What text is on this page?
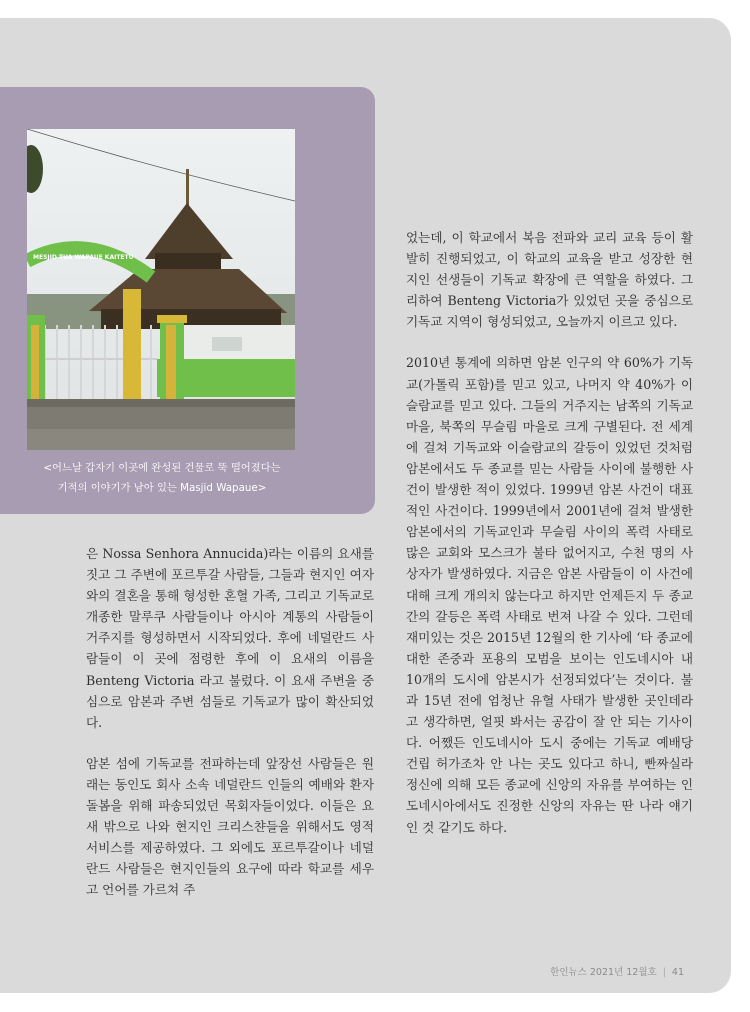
MESJID TUA WAPAUE KAITETU
<어느날 갑자기 이곳에 완성된 건물로 뚝 떨어졌다는
기적의 이야기가 남아 있는 Masjid Wapaue>

은 Nossa Senhora Annucida)라는 이름의 요새를 짓고 그 주변에 포르투갈 사람들, 그들과 현지인 여자와의 결혼을 통해 형성한 혼혈 가족, 그리고 기독교로 개종한 말루쿠 사람들이나 아시아 계통의 사람들이 거주지를 형성하면서 시작되었다. 후에 네덜란드 사람들이 이 곳에 점령한 후에 이 요새의 이름을 Benteng Victoria 라고 불렀다. 이 요새 주변을 중심으로 암본과 주변 섬들로 기독교가 많이 확산되었다.

암본 섬에 기독교를 전파하는데 앞장선 사람들은 원래는 동인도 회사 소속 네덜란드 인들의 예배와 환자 돌봄을 위해 파송되었던 목회자들이었다. 이들은 요새 밖으로 나와 현지인 크리스챤들을 위해서도 영적 서비스를 제공하였다. 그 외에도 포르투갈이나 네덜란드 사람들은 현지인들의 요구에 따라 학교를 세우고 언어를 가르쳐 주

었는데, 이 학교에서 복음 전파와 교리 교육 등이 활발히 진행되었고, 이 학교의 교육을 받고 성장한 현지인 선생들이 기독교 확장에 큰 역할을 하였다. 그리하여 Benteng Victoria가 있었던 곳을 중심으로 기독교 지역이 형성되었고, 오늘까지 이르고 있다.

2010년 통계에 의하면 암본 인구의 약 60%가 기독교(가톨릭 포함)를 믿고 있고, 나머지 약 40%가 이슬람교를 믿고 있다. 그들의 거주지는 남쪽의 기독교 마을, 북쪽의 무슬림 마을로 크게 구별된다. 전 세계에 걸쳐 기독교와 이슬람교의 갈등이 있었던 것처럼 암본에서도 두 종교를 믿는 사람들 사이에 불행한 사건이 발생한 적이 있었다. 1999년 암본 사건이 대표적인 사건이다. 1999년에서 2001년에 걸쳐 발생한 암본에서의 기독교인과 무슬림 사이의 폭력 사태로 많은 교회와 모스크가 불타 없어지고, 수천 명의 사상자가 발생하였다. 지금은 암본 사람들이 이 사건에 대해 크게 개의치 않는다고 하지만 언제든지 두 종교 간의 갈등은 폭력 사태로 번져 나갈 수 있다. 그런데 재미있는 것은 2015년 12월의 한 기사에 ‘타 종교에 대한 존중과 포용의 모범을 보이는 인도네시아 내 10개의 도시에 암본시가 선정되었다’는 것이다. 불과 15년 전에 엄청난 유혈 사태가 발생한 곳인데라고 생각하면, 얼핏 봐서는 공감이 잘 안 되는 기사이다. 어쨌든 인도네시아 도시 중에는 기독교 예배당 건립 허가조차 안 나는 곳도 있다고 하니, 빤짜실라 정신에 의해 모든 종교에 신앙의 자유를 부여하는 인도네시아에서도 진정한 신앙의 자유는 딴 나라 얘기인 것 같기도 하다.

한인뉴스 2021년 12월호 | 41
